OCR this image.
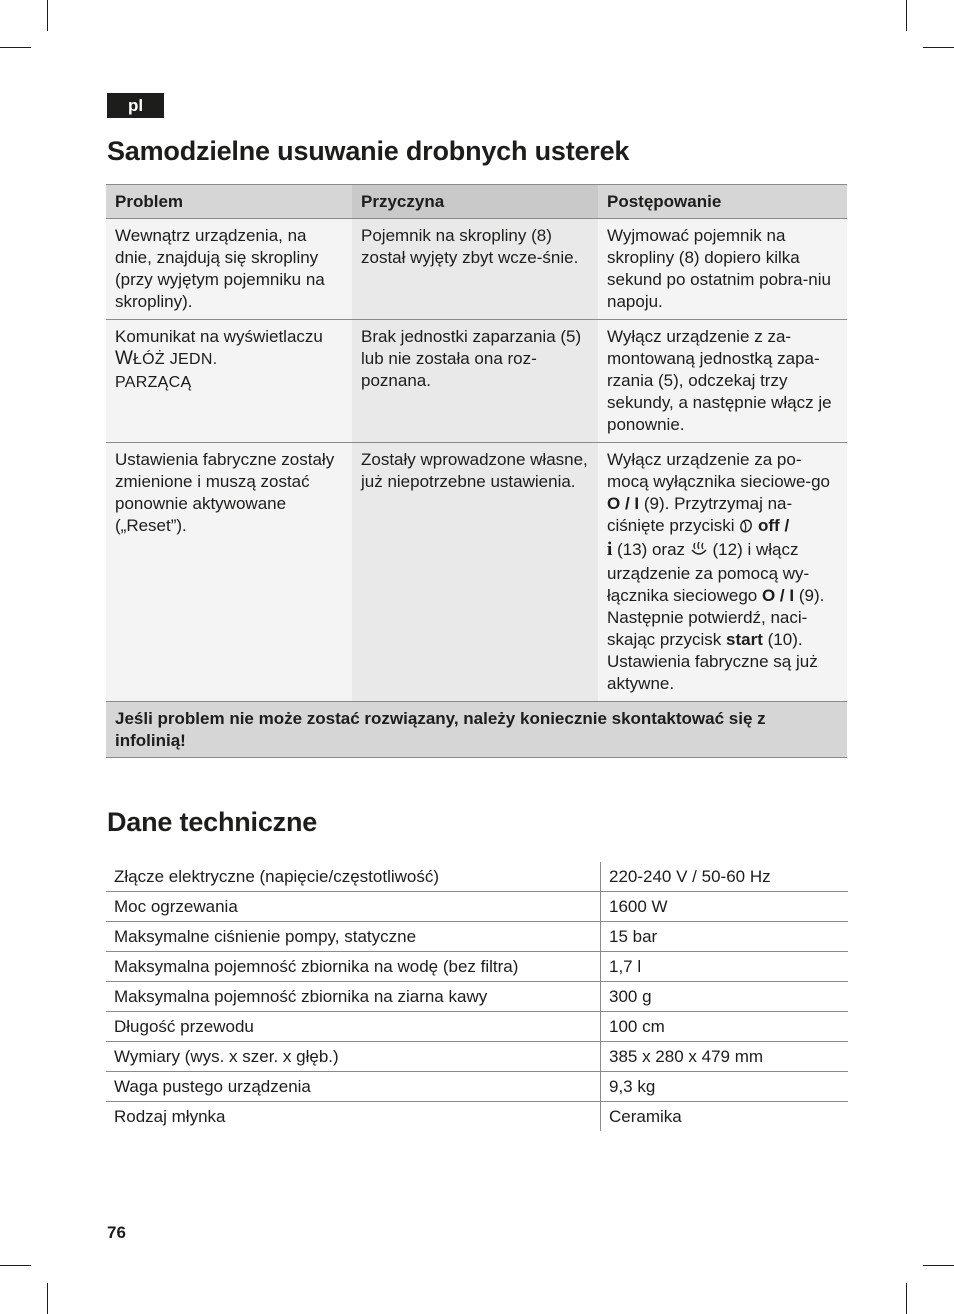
pl
Samodzielne usuwanie drobnych usterek
Problem	Przyczyna	Postępowanie
Wewnątrz urządzenia, na dnie, znajdują się skropliny (przy wyjętym pojemniku na skropliny).	Pojemnik na skropliny (8) został wyjęty zbyt wcze-śnie.	Wyjmować pojemnik na skropliny (8) dopiero kilka sekund po ostatnim pobra-niu napoju.
Komunikat na wyświetlaczu
WŁÓŻ JEDN.
PARZĄCĄ	Brak jednostki zaparzania (5) lub nie została ona roz-poznana.	Wyłącz urządzenie z za-montowaną jednostką zapa-rzania (5), odczekaj trzy sekundy, a następnie włącz je ponownie.
Ustawienia fabryczne zostały zmienione i muszą zostać ponownie aktywowane („Reset”).	Zostały wprowadzone własne, już niepotrzebne ustawienia.	Wyłącz urządzenie za po-mocą wyłącznika sieciowe-go O / I (9). Przytrzymaj na-ciśnięte przyciski off /
i (13) oraz (12) i włącz urządzenie za pomocą wy-łącznika sieciowego O / I (9). Następnie potwierdź, naci-skając przycisk start (10). Ustawienia fabryczne są już aktywne.
Jeśli problem nie może zostać rozwiązany, należy koniecznie skontaktować się z infolinią!		
Dane techniczne
Złącze elektryczne (napięcie/częstotliwość)	220-240 V / 50-60 Hz
Moc ogrzewania	1600 W
Maksymalne ciśnienie pompy, statyczne	15 bar
Maksymalna pojemność zbiornika na wodę (bez filtra)	1,7 l
Maksymalna pojemność zbiornika na ziarna kawy	300 g
Długość przewodu	100 cm
Wymiary (wys. x szer. x głęb.)	385 x 280 x 479 mm
Waga pustego urządzenia	9,3 kg
Rodzaj młynka	Ceramika
76
